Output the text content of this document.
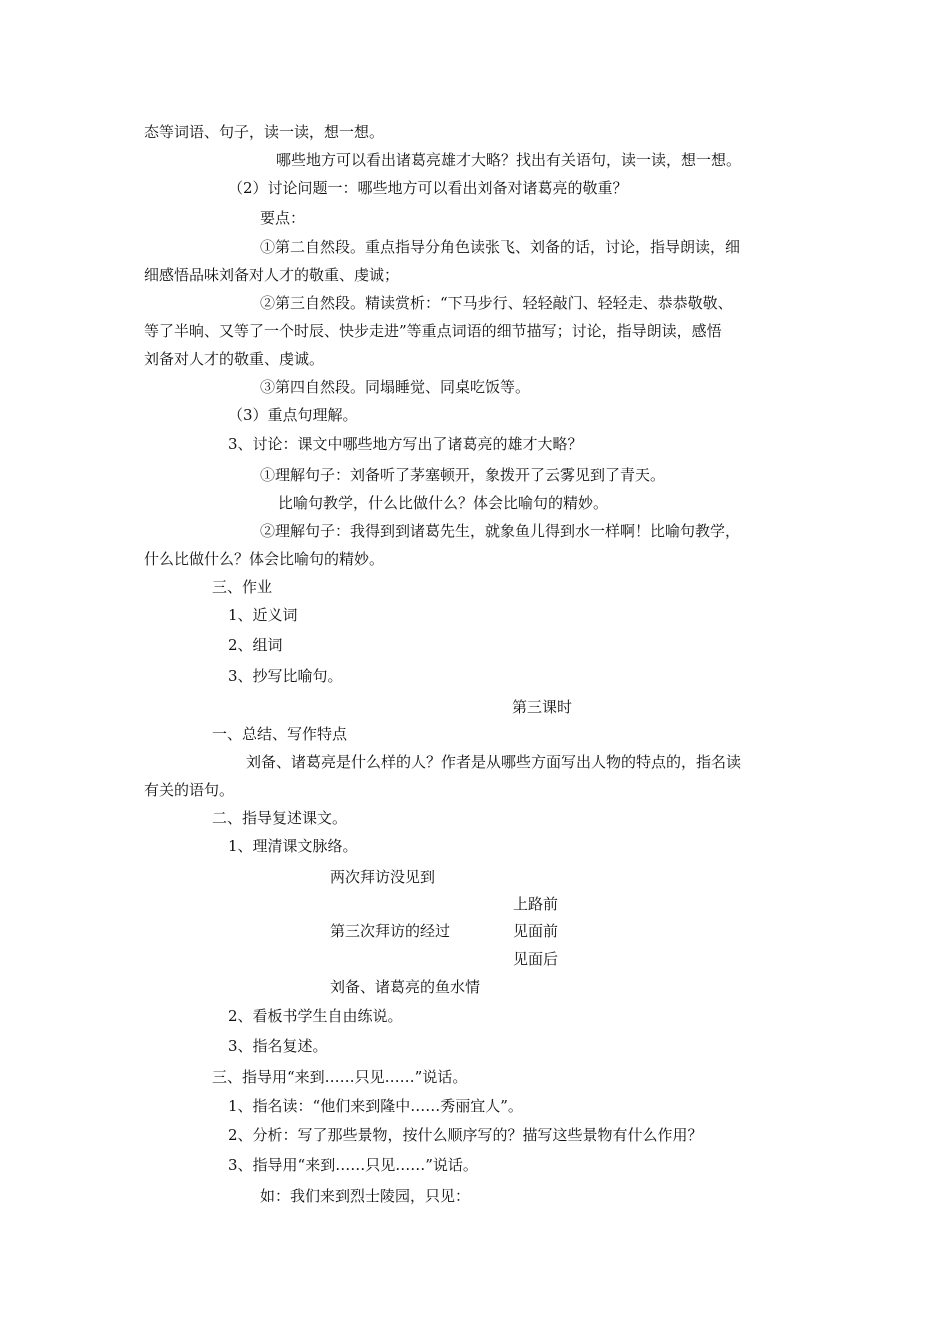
态等词语、句子，读一读，想一想。
哪些地方可以看出诸葛亮雄才大略？找出有关语句，读一读，想一想。
（2）讨论问题一：哪些地方可以看出刘备对诸葛亮的敬重？
要点：
①第二自然段。重点指导分角色读张飞、刘备的话，讨论，指导朗读，细
细感悟品味刘备对人才的敬重、虔诚；
②第三自然段。精读赏析：“下马步行、轻轻敲门、轻轻走、恭恭敬敬、
等了半晌、又等了一个时辰、快步走进”等重点词语的细节描写；讨论，指导朗读，感悟
刘备对人才的敬重、虔诚。
③第四自然段。同塌睡觉、同桌吃饭等。
（3）重点句理解。
3、讨论：课文中哪些地方写出了诸葛亮的雄才大略？
①理解句子：刘备听了茅塞顿开，象拨开了云雾见到了青天。
比喻句教学，什么比做什么？体会比喻句的精妙。
②理解句子：我得到到诸葛先生，就象鱼儿得到水一样啊！比喻句教学，
什么比做什么？体会比喻句的精妙。
三、作业
1、近义词
2、组词
3、抄写比喻句。
第三课时
一、总结、写作特点
刘备、诸葛亮是什么样的人？作者是从哪些方面写出人物的特点的，指名读
有关的语句。
二、指导复述课文。
1、理清课文脉络。
两次拜访没见到
上路前
第三次拜访的经过	见面前
见面后
刘备、诸葛亮的鱼水情
2、看板书学生自由练说。
3、指名复述。
三、指导用“来到……只见……”说话。
1、指名读：“他们来到隆中……秀丽宜人”。
2、分析：写了那些景物，按什么顺序写的？描写这些景物有什么作用？
3、指导用“来到……只见……”说话。
如：我们来到烈士陵园，只见：
